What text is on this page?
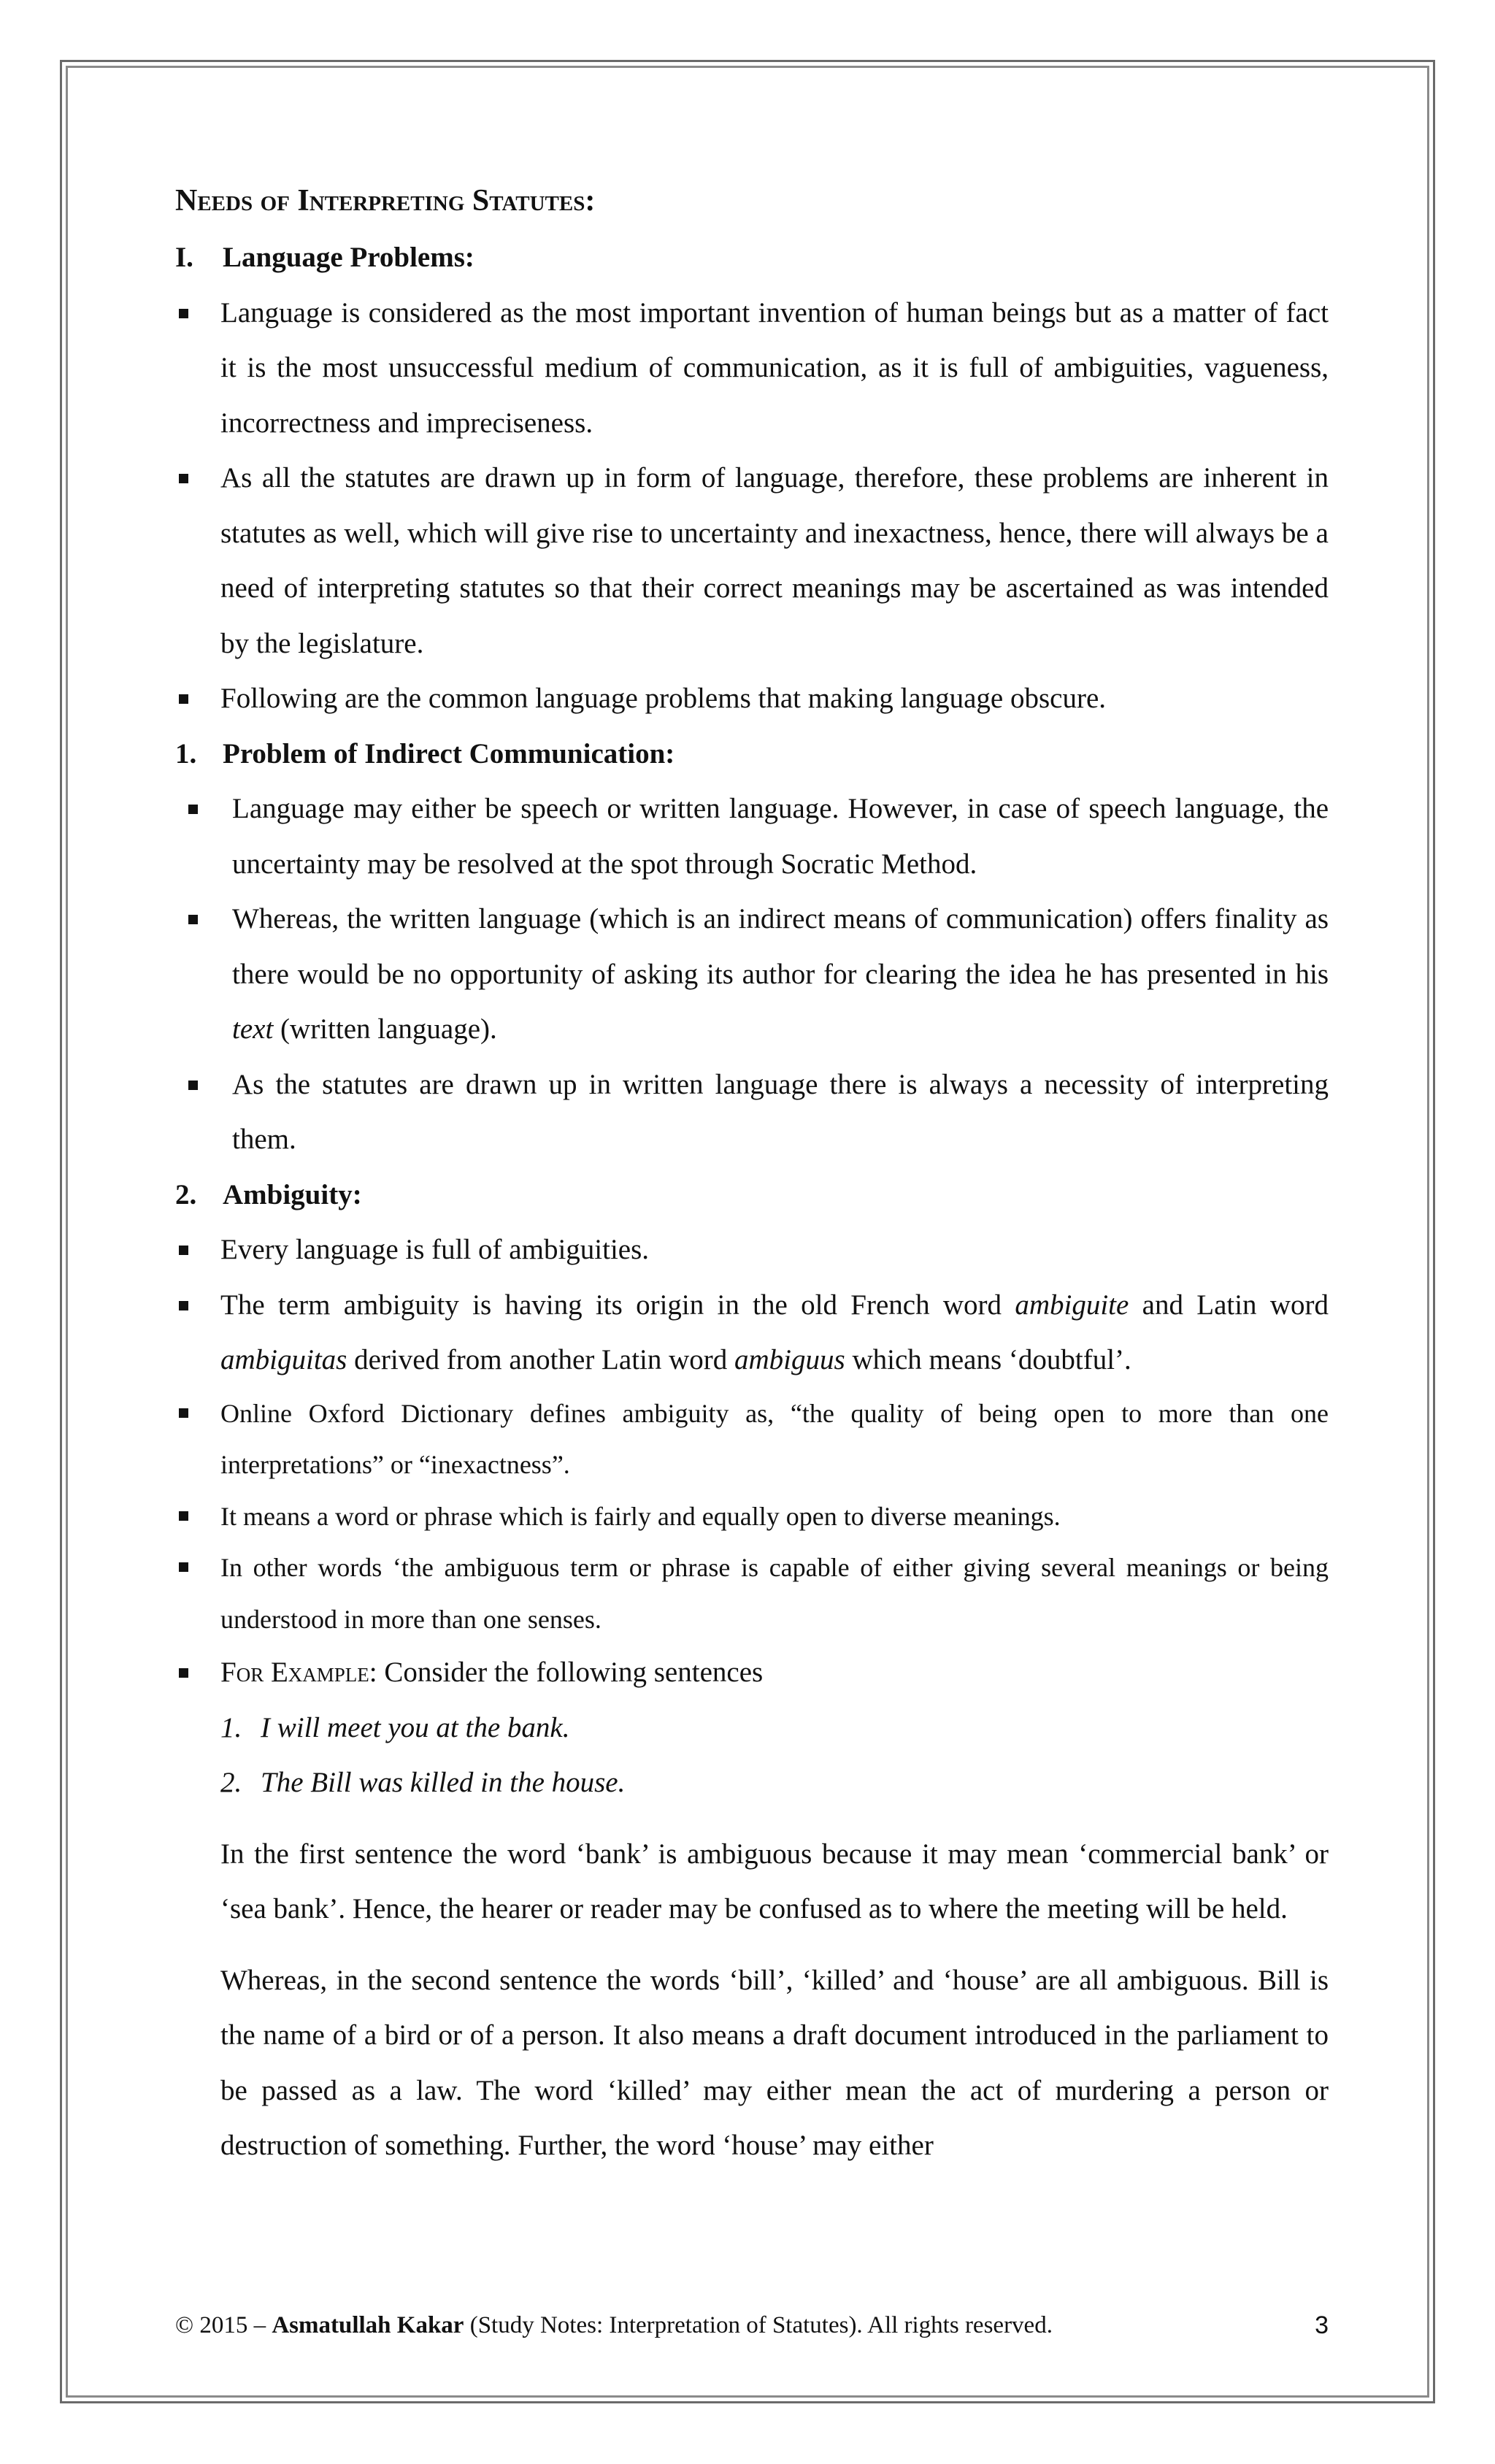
Needs of Interpreting Statutes:
I.	Language Problems:
Language is considered as the most important invention of human beings but as a matter of fact it is the most unsuccessful medium of communication, as it is full of ambiguities, vagueness, incorrectness and impreciseness.
As all the statutes are drawn up in form of language, therefore, these problems are inherent in statutes as well, which will give rise to uncertainty and inexactness, hence, there will always be a need of interpreting statutes so that their correct meanings may be ascertained as was intended by the legislature.
Following are the common language problems that making language obscure.
1. Problem of Indirect Communication:
Language may either be speech or written language. However, in case of speech language, the uncertainty may be resolved at the spot through Socratic Method.
Whereas, the written language (which is an indirect means of communication) offers finality as there would be no opportunity of asking its author for clearing the idea he has presented in his text (written language).
As the statutes are drawn up in written language there is always a necessity of interpreting them.
2. Ambiguity:
Every language is full of ambiguities.
The term ambiguity is having its origin in the old French word ambiguite and Latin word ambiguitas derived from another Latin word ambiguus which means ‘doubtful’.
Online Oxford Dictionary defines ambiguity as, “the quality of being open to more than one interpretations” or “inexactness”.
It means a word or phrase which is fairly and equally open to diverse meanings.
In other words ‘the ambiguous term or phrase is capable of either giving several meanings or being understood in more than one senses.
For Example: Consider the following sentences
1. I will meet you at the bank.
2. The Bill was killed in the house.
In the first sentence the word ‘bank’ is ambiguous because it may mean ‘commercial bank’ or ‘sea bank’. Hence, the hearer or reader may be confused as to where the meeting will be held.
Whereas, in the second sentence the words ‘bill’, ‘killed’ and ‘house’ are all ambiguous. Bill is the name of a bird or of a person. It also means a draft document introduced in the parliament to be passed as a law. The word ‘killed’ may either mean the act of murdering a person or destruction of something. Further, the word ‘house’ may either
© 2015 – Asmatullah Kakar (Study Notes: Interpretation of Statutes). All rights reserved.	3
